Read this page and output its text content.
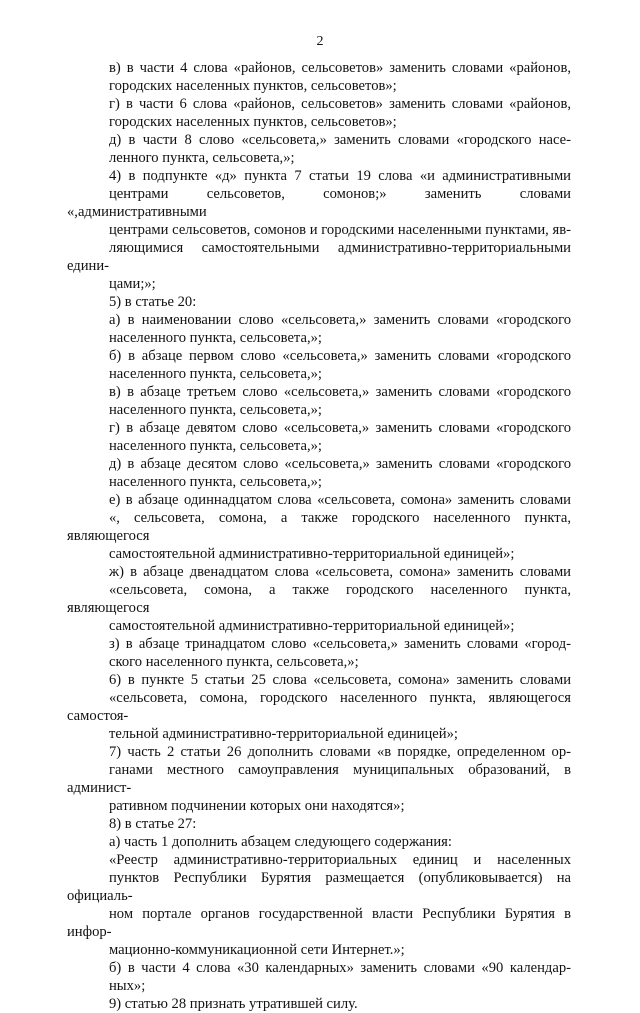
2

в) в части 4 слова «районов, сельсоветов» заменить словами «районов,
городских населенных пунктов, сельсоветов»;

г) в части 6 слова «районов, сельсоветов» заменить словами «районов,
городских населенных пунктов, сельсоветов»;

д) в части 8 слово «сельсовета,» заменить словами «городского насе-
ленного пункта, сельсовета,»;

4) в подпункте «д» пункта 7 статьи 19 слова «и административными
центрами сельсоветов, сомонов;» заменить словами «,административными
центрами сельсоветов, сомонов и городскими населенными пунктами, яв-
ляющимися самостоятельными административно-территориальными едини-
цами;»;

5) в статье 20:

а) в наименовании слово «сельсовета,» заменить словами «городского
населенного пункта, сельсовета,»;

б) в абзаце первом слово «сельсовета,» заменить словами «городского
населенного пункта, сельсовета,»;

в) в абзаце третьем слово «сельсовета,» заменить словами «городского
населенного пункта, сельсовета,»;

г) в абзаце девятом слово «сельсовета,» заменить словами «городского
населенного пункта, сельсовета,»;

д) в абзаце десятом слово «сельсовета,» заменить словами «городского
населенного пункта, сельсовета,»;

е) в абзаце одиннадцатом слова «сельсовета, сомона» заменить словами
«, сельсовета, сомона, а также городского населенного пункта, являющегося
самостоятельной административно-территориальной единицей»;

ж) в абзаце двенадцатом слова «сельсовета, сомона» заменить словами
«сельсовета, сомона, а также городского населенного пункта, являющегося
самостоятельной административно-территориальной единицей»;

з) в абзаце тринадцатом слово «сельсовета,» заменить словами «город-
ского населенного пункта, сельсовета,»;

6) в пункте 5 статьи 25 слова «сельсовета, сомона» заменить словами
«сельсовета, сомона, городского населенного пункта, являющегося самостоя-
тельной административно-территориальной единицей»;

7) часть 2 статьи 26 дополнить словами «в порядке, определенном ор-
ганами местного самоуправления муниципальных образований, в админист-
ративном подчинении которых они находятся»;

8) в статье 27:

а) часть 1 дополнить абзацем следующего содержания:

«Реестр административно-территориальных единиц и населенных
пунктов Республики Бурятия размещается (опубликовывается) на официаль-
ном портале органов государственной власти Республики Бурятия в инфор-
мационно-коммуникационной сети Интернет.»;

б) в части 4 слова «30 календарных» заменить словами «90 календар-
ных»;

9) статью 28 признать утратившей силу.
